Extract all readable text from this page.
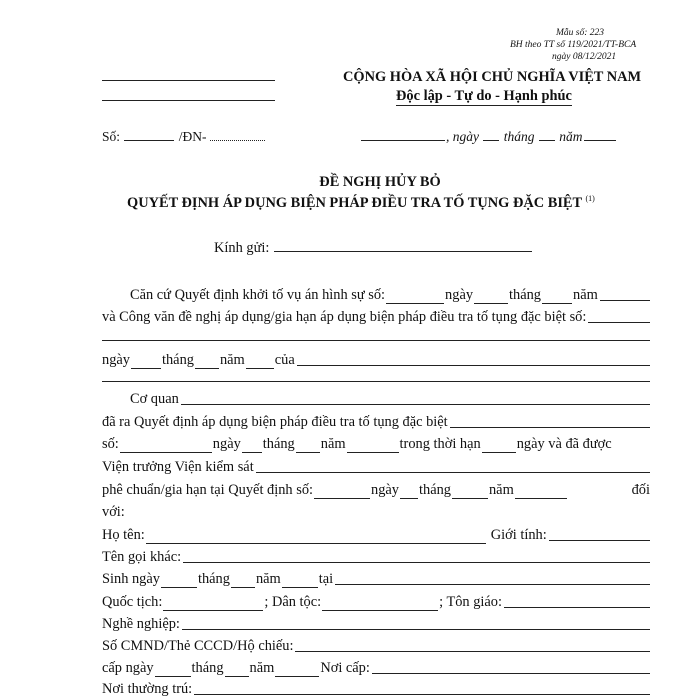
Mẫu số: 223
BH theo TT số 119/2021/TT-BCA
ngày 08/12/2021
CỘNG HÒA XÃ HỘI CHỦ NGHĨA VIỆT NAM
Độc lập - Tự do - Hạnh phúc
Số:	/ĐN-	, ngày tháng năm
ĐỀ NGHỊ HỦY BỎ
QUYẾT ĐỊNH ÁP DỤNG BIỆN PHÁP ĐIỀU TRA TỐ TỤNG ĐẶC BIỆT $^{(1)}$
Kính gửi:
Căn cứ Quyết định khởi tố vụ án hình sự số:	ngày	tháng năm
và Công văn đề nghị áp dụng/gia hạn áp dụng biện pháp điều tra tố tụng đặc biệt số:
ngày tháng năm của
Cơ quan
đã ra Quyết định áp dụng biện pháp điều tra tố tụng đặc biệt
số:	ngày tháng năm	trong thời hạn	ngày và đã được
Viện trưởng Viện kiểm sát
phê chuẩn/gia hạn tại Quyết định số:	ngày tháng	năm	đối
với:
Họ tên:	Giới tính:
Tên gọi khác:
Sinh ngày	tháng năm	tại
Quốc tịch:	; Dân tộc:	; Tôn giáo:
Nghề nghiệp:
Số CMND/Thẻ CCCD/Hộ chiếu:
cấp ngày	tháng năm	Nơi cấp:
Nơi thường trú:
